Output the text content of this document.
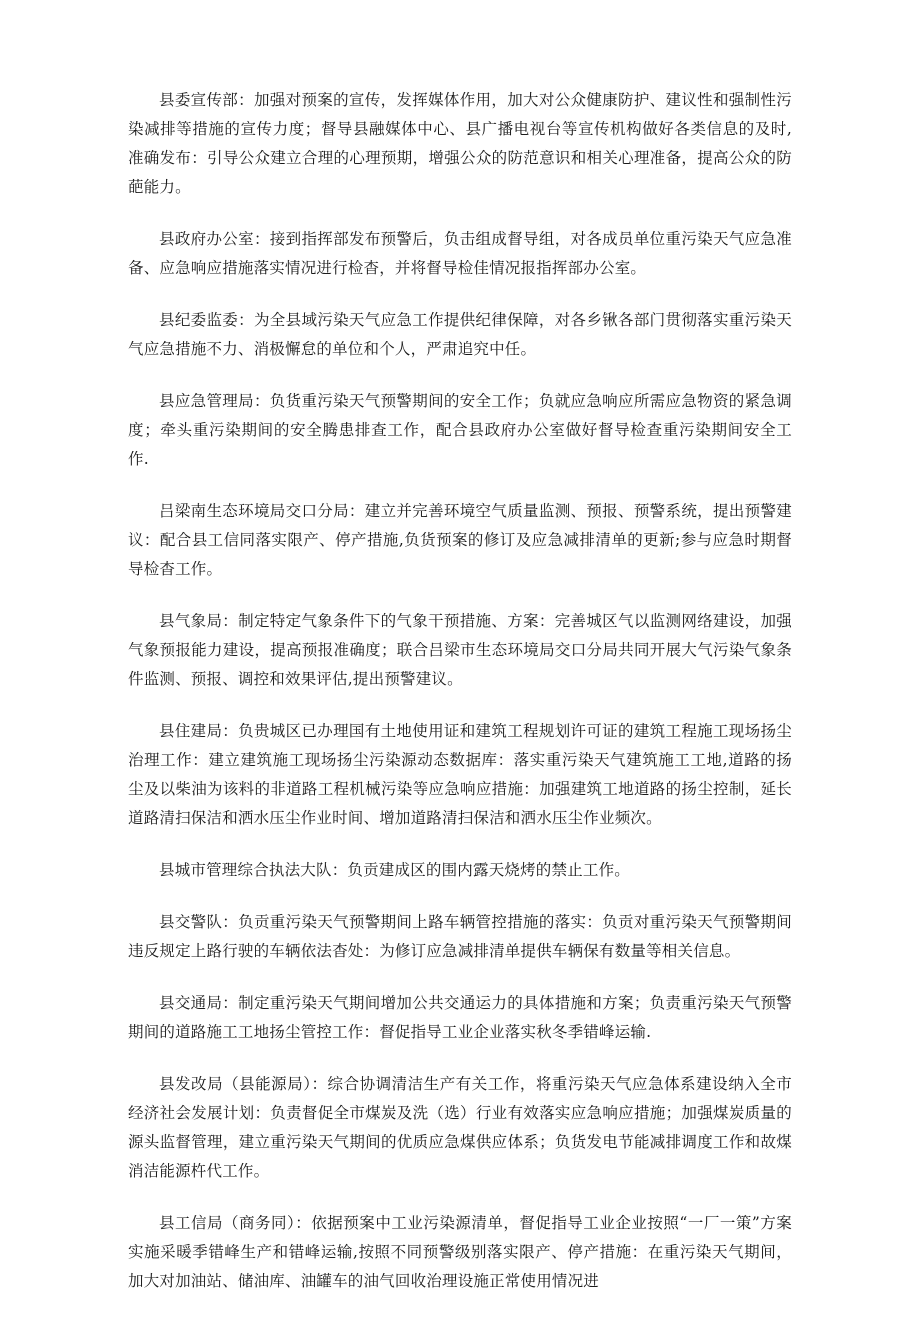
县委宣传部：加强对预案的宣传，发挥媒体作用，加大对公众健康防护、建议性和强制性污染减排等措施的宣传力度；督导县融媒体中心、县广播电视台等宣传机构做好各类信息的及时,准确发布：引导公众建立合理的心理预期，增强公众的防范意识和相关心理准备，提高公众的防葩能力。

县政府办公室：接到指挥部发布预警后，负击组成督导组，对各成员单位重污染天气应急准备、应急响应措施落实情况进行检杳，并将督导检佳情况报指挥部办公室。

县纪委监委：为全县域污染天气应急工作提供纪律保障，对各乡锹各部门贯彻落实重污染天气应急措施不力、消极懈怠的单位和个人，严肃追究中任。

县应急管理局：负货重污染天气预警期间的安全工作；负就应急响应所需应急物资的紧急调度；牵头重污染期间的安全腾患排查工作，配合县政府办公室做好督导检查重污染期间安全工作.

吕梁南生态环境局交口分局：建立并完善环境空气质量监测、预报、预警系统，提出预警建议：配合县工信同落实限产、停产措施,负货预案的修订及应急减排清单的更新;参与应急时期督导检杳工作。

县气象局：制定特定气象条件下的气象干预措施、方案：完善城区气以监测网络建设，加强气象预报能力建设，提高预报准确度；联合吕梁市生态环境局交口分局共同开展大气污染气象条件监测、预报、调控和效果评估,提出预警建议。

县住建局：负贵城区已办理国有土地使用证和建筑工程规划许可证的建筑工程施工现场扬尘治理工作：建立建筑施工现场扬尘污染源动态数据库：落实重污染天气建筑施工工地,道路的扬尘及以柴油为该料的非道路工程机械污染等应急响应措施：加强建筑工地道路的扬尘控制，延长道路清扫保洁和洒水压尘作业时间、增加道路清扫保洁和洒水压尘作业频次。

县城市管理综合执法大队：负贡建成区的围内露天烧烤的禁止工作。

县交警队：负贡重污染天气预警期间上路车辆管控措施的落实：负贡对重污染天气预警期间违反规定上路行驶的车辆依法杳处：为修订应急减排清单提供车辆保有数量等相关信息。

县交通局：制定重污染天气期间增加公共交通运力的具体措施和方案；负责重污染天气预警期间的道路施工工地扬尘管控工作：督促指导工业企业落实秋冬季错峰运输.

县发改局（县能源局）：综合协调清洁生产有关工作，将重污染天气应急体系建设纳入全市经济社会发展计划：负责督促全市煤炭及洗（选）行业有效落实应急响应措施；加强煤炭质量的源头监督管理，建立重污染天气期间的优质应急煤供应体系；负货发电节能减排调度工作和故煤消洁能源杵代工作。

县工信局（商务同）：依据预案中工业污染源清单，督促指导工业企业按照“一厂一策”方案实施采暖季错峰生产和错峰运输,按照不同预警级别落实限产、停产措施：在重污染天气期间，加大对加油站、储油库、油罐车的油气回收治理设施正常使用情况进
